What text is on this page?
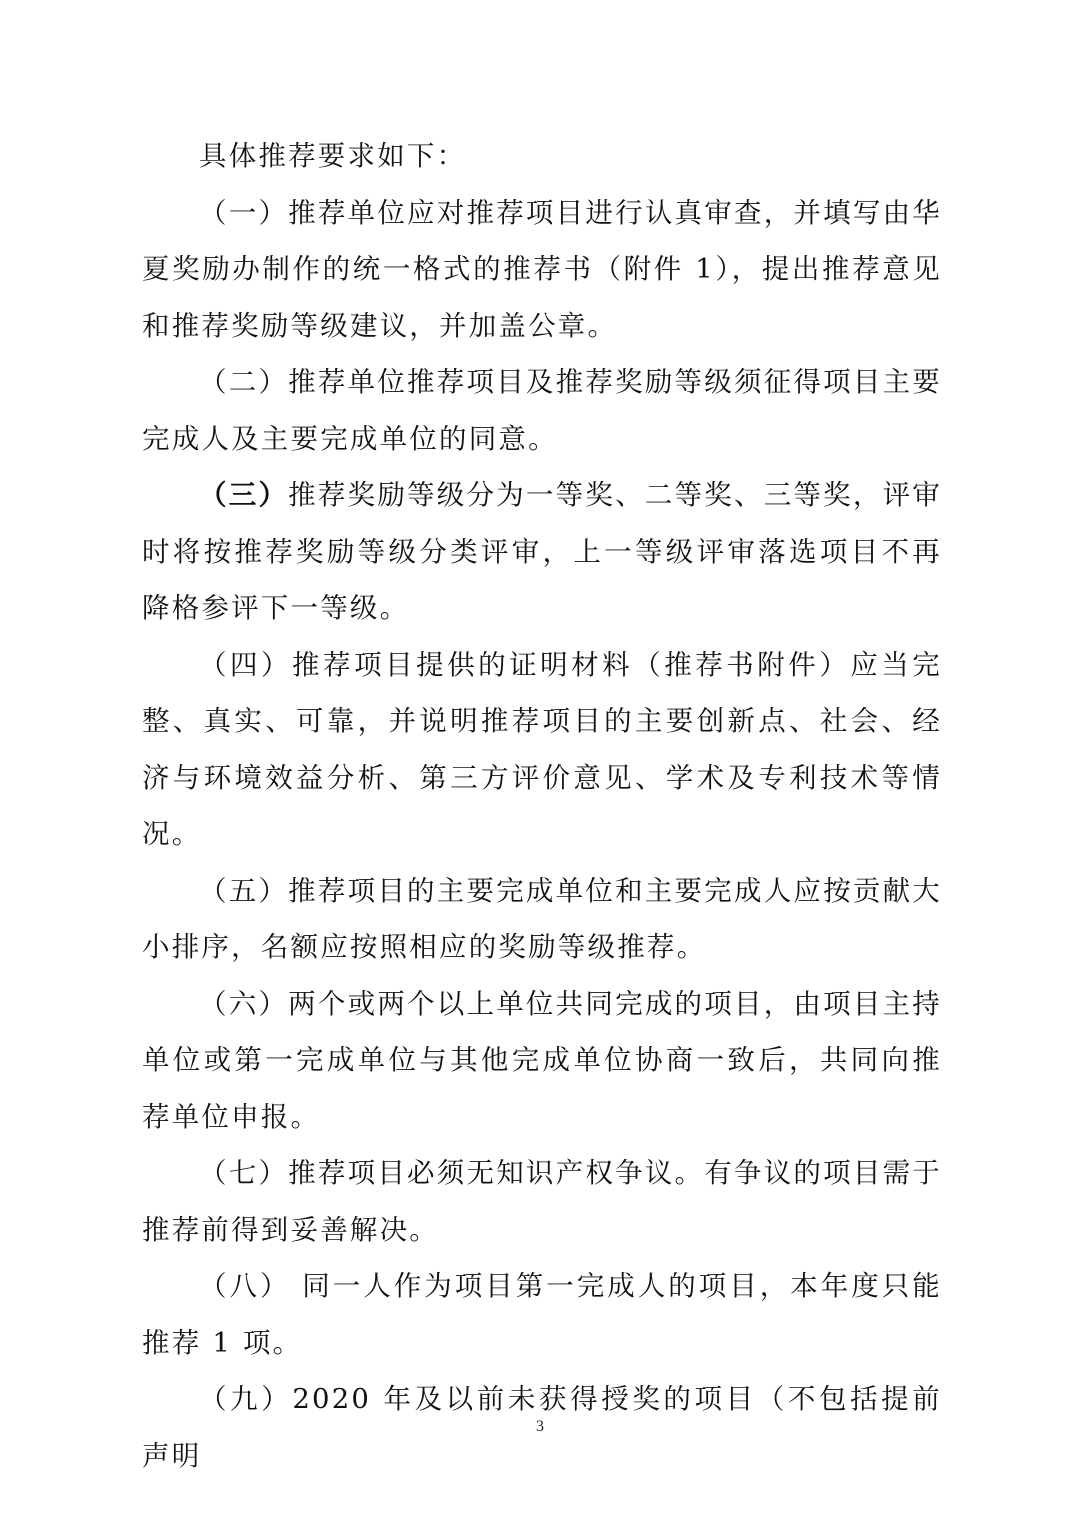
具体推荐要求如下：

（一）推荐单位应对推荐项目进行认真审查，并填写由华夏奖励办制作的统一格式的推荐书（附件 1），提出推荐意见和推荐奖励等级建议，并加盖公章。

（二）推荐单位推荐项目及推荐奖励等级须征得项目主要完成人及主要完成单位的同意。

（三）推荐奖励等级分为一等奖、二等奖、三等奖，评审时将按推荐奖励等级分类评审，上一等级评审落选项目不再降格参评下一等级。

（四）推荐项目提供的证明材料（推荐书附件）应当完整、真实、可靠，并说明推荐项目的主要创新点、社会、经济与环境效益分析、第三方评价意见、学术及专利技术等情况。

（五）推荐项目的主要完成单位和主要完成人应按贡献大小排序，名额应按照相应的奖励等级推荐。

（六）两个或两个以上单位共同完成的项目，由项目主持单位或第一完成单位与其他完成单位协商一致后，共同向推荐单位申报。

（七）推荐项目必须无知识产权争议。有争议的项目需于推荐前得到妥善解决。

（八） 同一人作为项目第一完成人的项目，本年度只能推荐 1 项。

（九）2020 年及以前未获得授奖的项目（不包括提前声明

3
